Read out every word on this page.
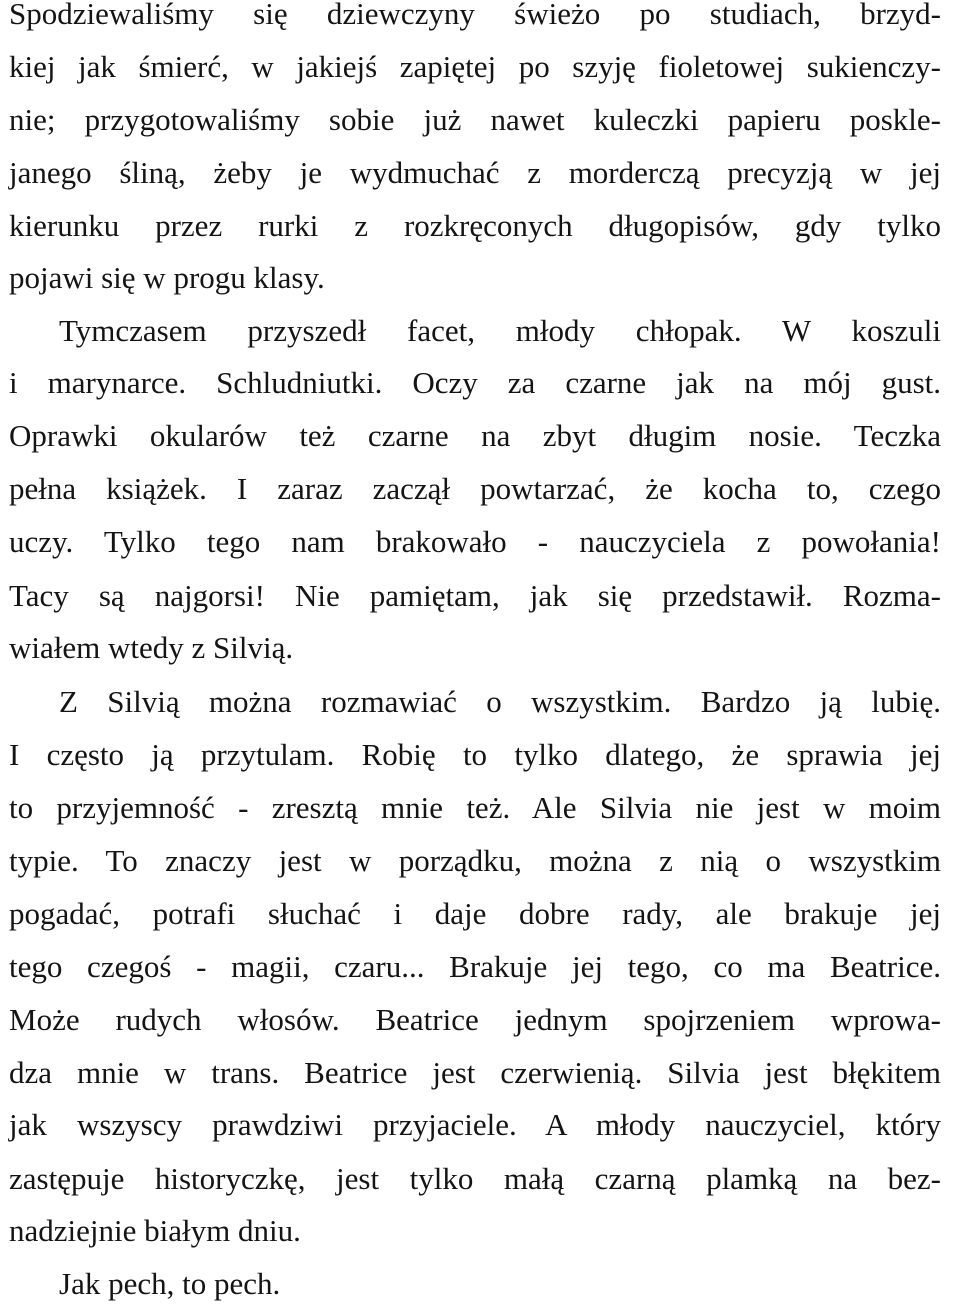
Spodziewaliśmy się dziewczyny świeżo po studiach, brzyd-
kiej jak śmierć, w jakiejś zapiętej po szyję fioletowej sukienczy-
nie; przygotowaliśmy sobie już nawet kuleczki papieru poskle-
janego śliną, żeby je wydmuchać z morderczą precyzją w jej
kierunku przez rurki z rozkręconych długopisów, gdy tylko
pojawi się w progu klasy.
Tymczasem przyszedł facet, młody chłopak. W koszuli
i marynarce. Schludniutki. Oczy za czarne jak na mój gust.
Oprawki okularów też czarne na zbyt długim nosie. Teczka
pełna książek. I zaraz zaczął powtarzać, że kocha to, czego
uczy. Tylko tego nam brakowało - nauczyciela z powołania!
Tacy są najgorsi! Nie pamiętam, jak się przedstawił. Rozma-
wiałem wtedy z Silvią.
Z Silvią można rozmawiać o wszystkim. Bardzo ją lubię.
I często ją przytulam. Robię to tylko dlatego, że sprawia jej
to przyjemność - zresztą mnie też. Ale Silvia nie jest w moim
typie. To znaczy jest w porządku, można z nią o wszystkim
pogadać, potrafi słuchać i daje dobre rady, ale brakuje jej
tego czegoś - magii, czaru... Brakuje jej tego, co ma Beatrice.
Może rudych włosów. Beatrice jednym spojrzeniem wprowa-
dza mnie w trans. Beatrice jest czerwienią. Silvia jest błękitem
jak wszyscy prawdziwi przyjaciele. A młody nauczyciel, który
zastępuje historyczkę, jest tylko małą czarną plamką na bez-
nadziejnie białym dniu.
Jak pech, to pech.
